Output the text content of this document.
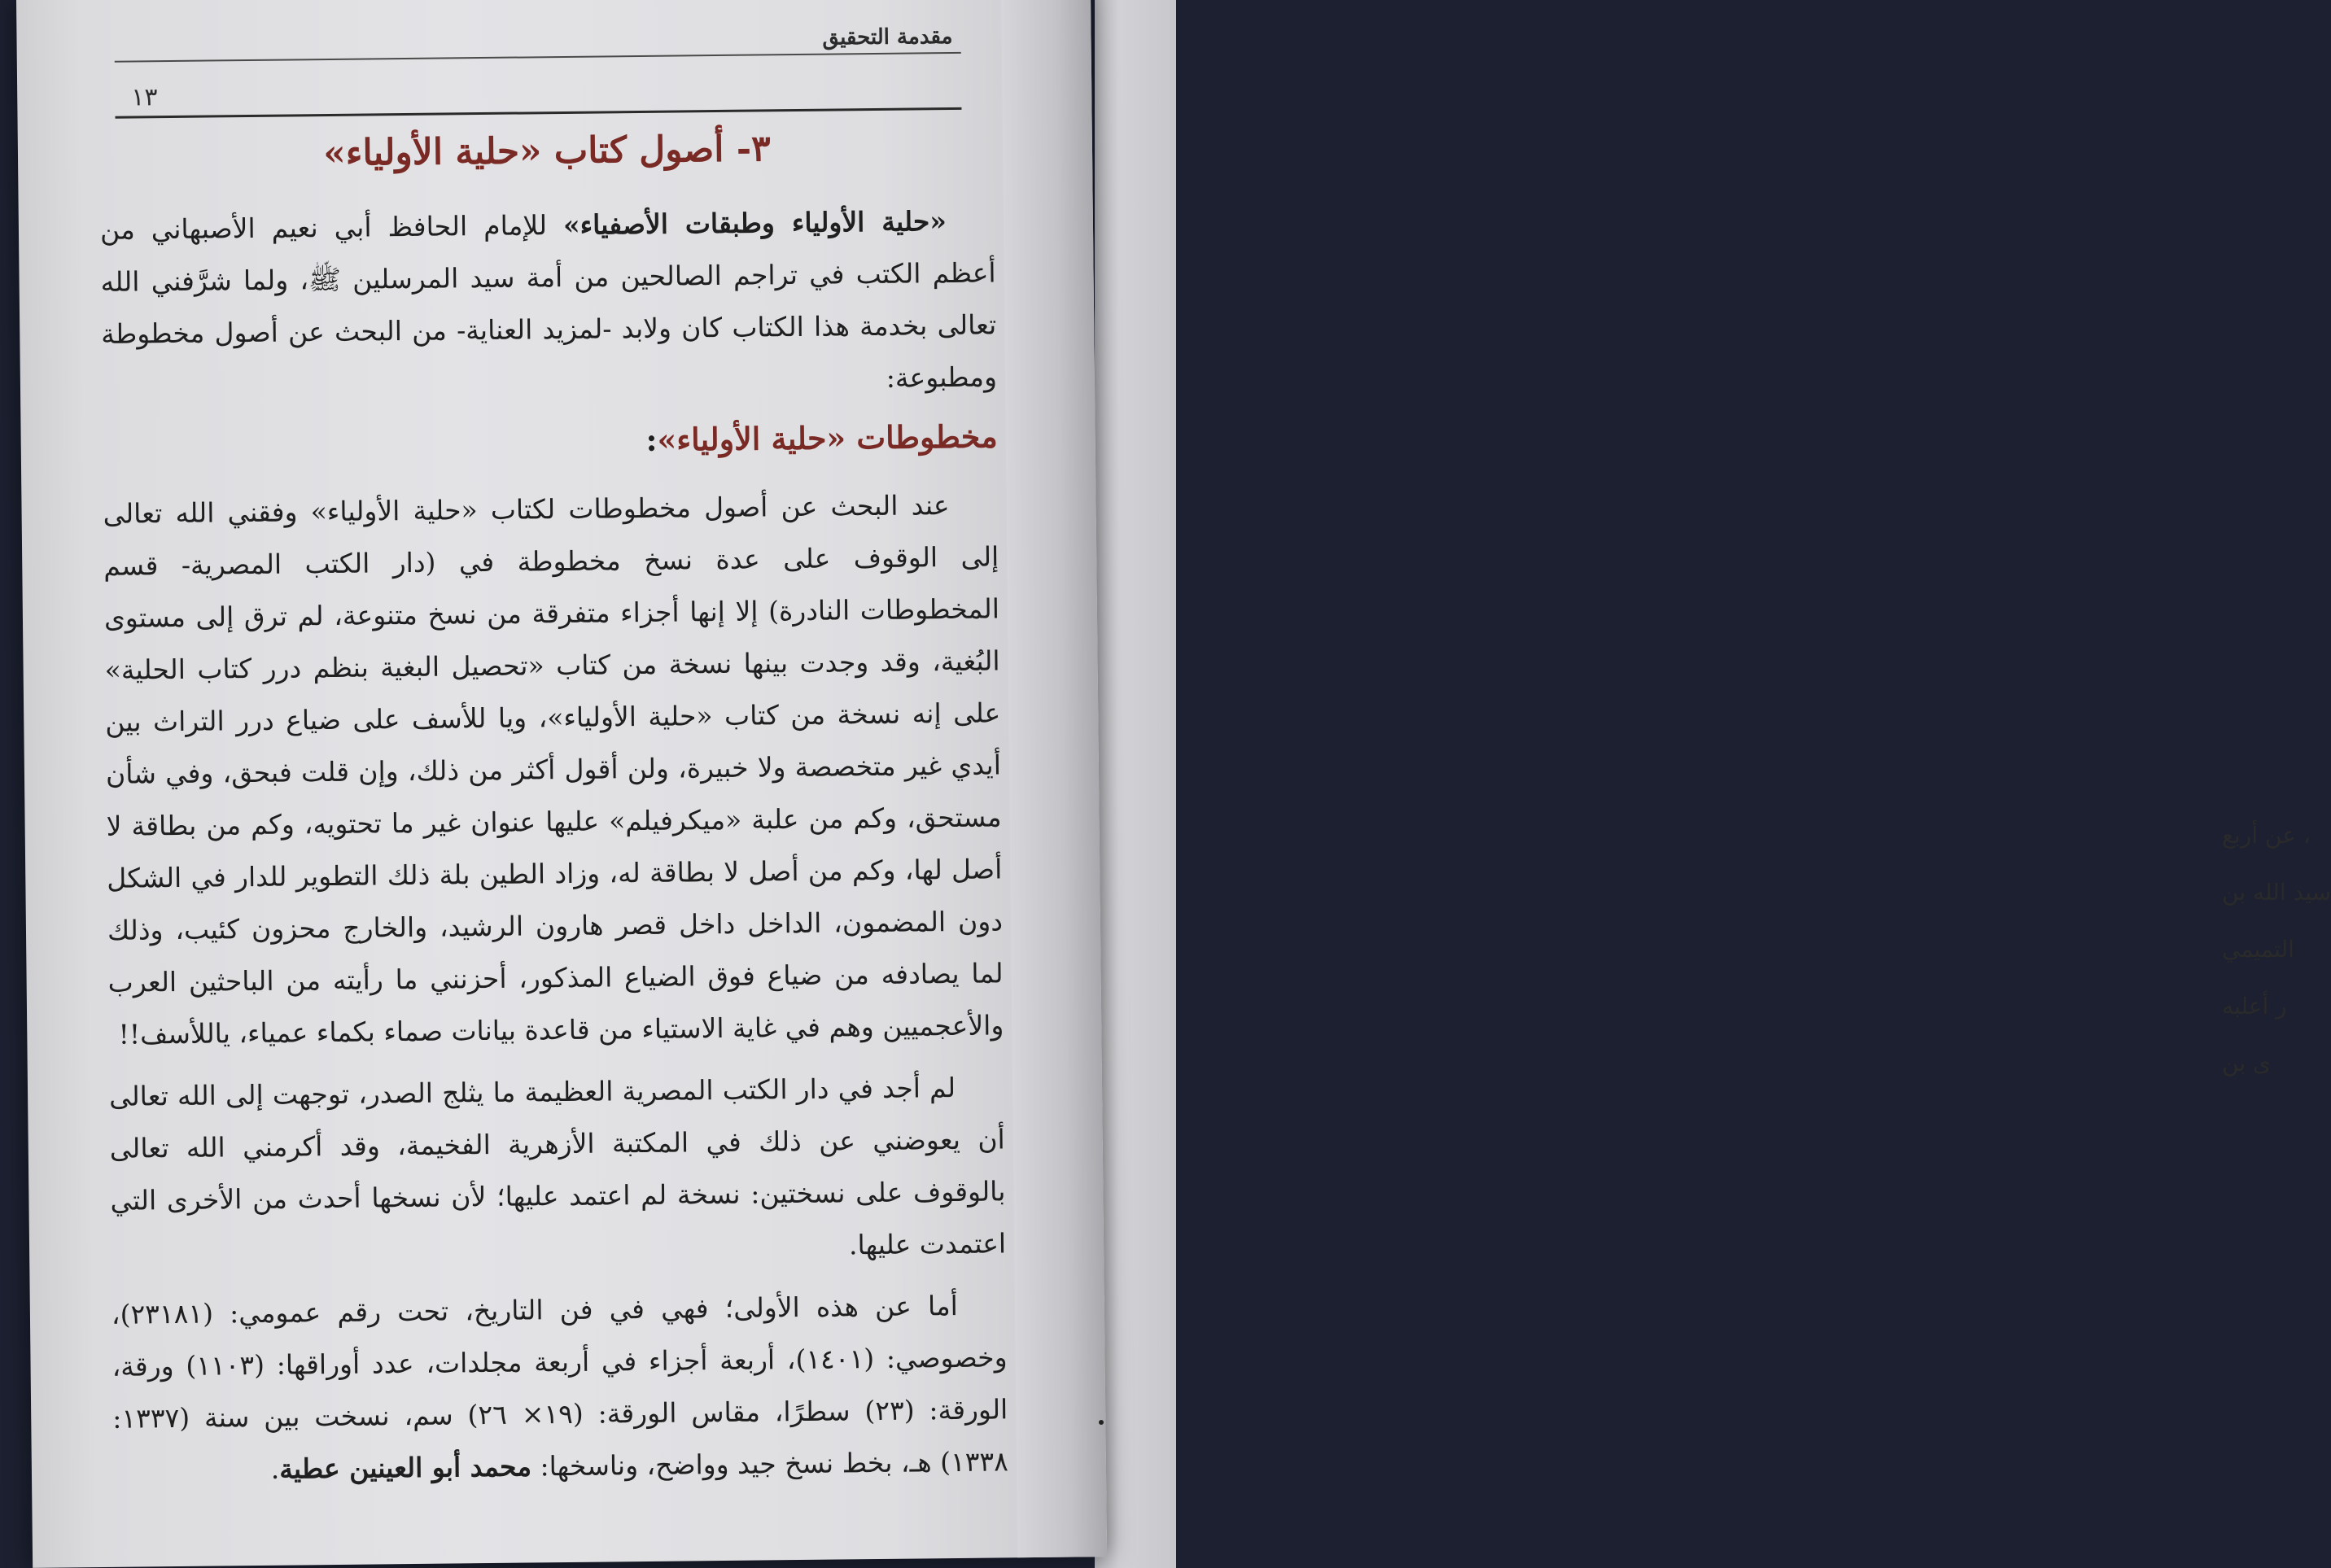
، عن أربع
سيد الله بن
التميمي
ر أعلبه
ى بن
مقدمة التحقيق
١٣
٣- أصول كتاب «حلية الأولياء»

«حلية الأولياء وطبقات الأصفياء» للإمام الحافظ أبي نعيم الأصبهاني من أعظم الكتب في تراجم الصالحين من أمة سيد المرسلين ﷺ، ولما شرَّفني الله تعالى بخدمة هذا الكتاب كان ولابد -لمزيد العناية- من البحث عن أصول مخطوطة ومطبوعة:

مخطوطات «حلية الأولياء»:

عند البحث عن أصول مخطوطات لكتاب «حلية الأولياء» وفقني الله تعالى إلى الوقوف على عدة نسخ مخطوطة في (دار الكتب المصرية- قسم المخطوطات النادرة) إلا إنها أجزاء متفرقة من نسخ متنوعة، لم ترق إلى مستوى البُغية، وقد وجدت بينها نسخة من كتاب «تحصيل البغية بنظم درر كتاب الحلية» على إنه نسخة من كتاب «حلية الأولياء»، ويا للأسف على ضياع درر التراث بين أيدي غير متخصصة ولا خبيرة، ولن أقول أكثر من ذلك، وإن قلت فبحق، وفي شأن مستحق، وكم من علبة «ميكرفيلم» عليها عنوان غير ما تحتويه، وكم من بطاقة لا أصل لها، وكم من أصل لا بطاقة له، وزاد الطين بلة ذلك التطوير للدار في الشكل دون المضمون، الداخل داخل قصر هارون الرشيد، والخارج محزون كئيب، وذلك لما يصادفه من ضياع فوق الضياع المذكور، أحزنني ما رأيته من الباحثين العرب والأعجميين وهم في غاية الاستياء من قاعدة بيانات صماء بكماء عمياء، ياللأسف!!

لم أجد في دار الكتب المصرية العظيمة ما يثلج الصدر، توجهت إلى الله تعالى أن يعوضني عن ذلك في المكتبة الأزهرية الفخيمة، وقد أكرمني الله تعالى بالوقوف على نسختين: نسخة لم اعتمد عليها؛ لأن نسخها أحدث من الأخرى التي اعتمدت عليها.

أما عن هذه الأولى؛ فهي في فن التاريخ، تحت رقم عمومي: (٢٣١٨١)، وخصوصي: (١٤٠١)، أربعة أجزاء في أربعة مجلدات، عدد أوراقها: (١١٠٣) ورقة، الورقة: (٢٣) سطرًا، مقاس الورقة: (١٩× ٢٦) سم، نسخت بين سنة (١٣٣٧: ١٣٣٨) هـ، بخط نسخ جيد وواضح، وناسخها: محمد أبو العينين عطية.
